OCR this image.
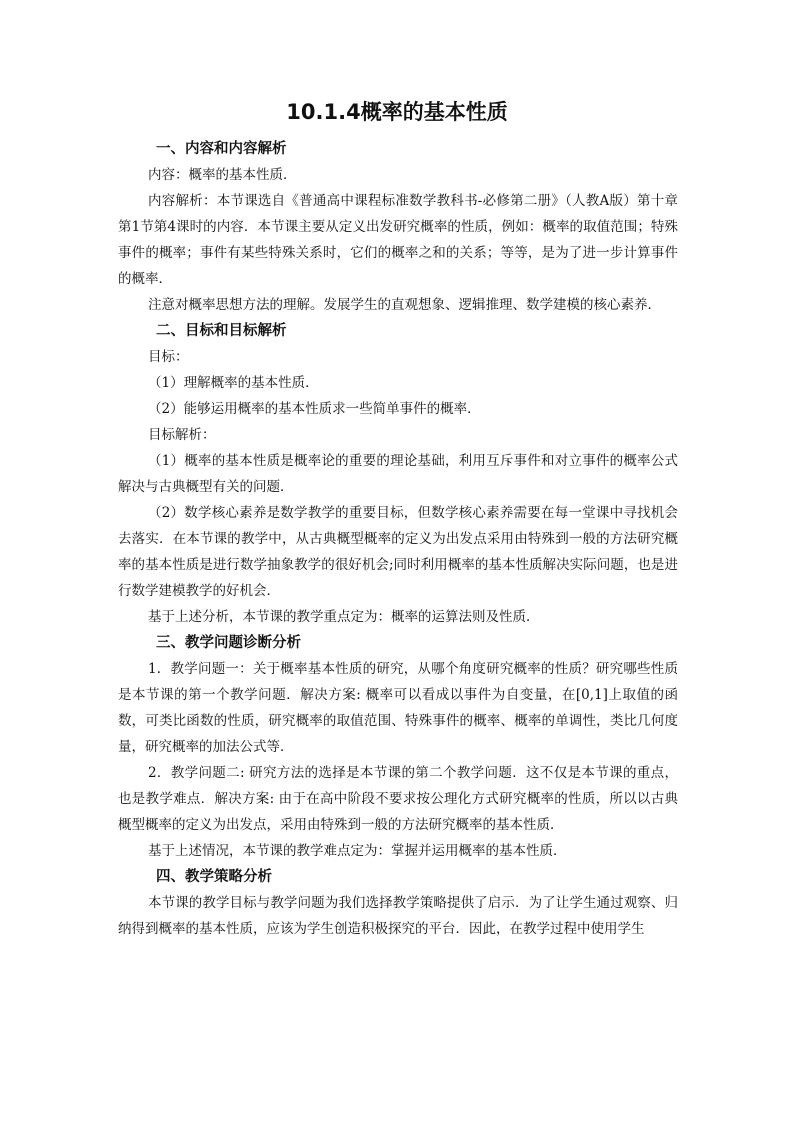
10.1.4概率的基本性质
一、内容和内容解析

内容：概率的基本性质．

内容解析：本节课选自《普通高中课程标准数学教科书-必修第二册》（人教A版）第十章第1节第4课时的内容．本节课主要从定义出发研究概率的性质，例如：概率的取值范围；特殊事件的概率；事件有某些特殊关系时，它们的概率之和的关系；等等，是为了进一步计算事件的概率．

注意对概率思想方法的理解。发展学生的直观想象、逻辑推理、数学建模的核心素养．

二、目标和目标解析

目标：

（1）理解概率的基本性质．

（2）能够运用概率的基本性质求一些简单事件的概率．

目标解析：

（1）概率的基本性质是概率论的重要的理论基础，利用互斥事件和对立事件的概率公式解决与古典概型有关的问题．

（2）数学核心素养是数学教学的重要目标，但数学核心素养需要在每一堂课中寻找机会去落实．在本节课的教学中，从古典概型概率的定义为出发点采用由特殊到一般的方法研究概率的基本性质是进行数学抽象教学的很好机会;同时利用概率的基本性质解决实际问题，也是进行数学建模教学的好机会．

基于上述分析，本节课的教学重点定为：概率的运算法则及性质．

三、教学问题诊断分析

1．教学问题一：关于概率基本性质的研究，从哪个角度研究概率的性质？研究哪些性质是本节课的第一个教学问题．解决方案: 概率可以看成以事件为自变量，在[0,1]上取值的函数，可类比函数的性质，研究概率的取值范围、特殊事件的概率、概率的单调性，类比几何度量，研究概率的加法公式等．

2．教学问题二: 研究方法的选择是本节课的第二个教学问题．这不仅是本节课的重点，也是教学难点．解决方案: 由于在高中阶段不要求按公理化方式研究概率的性质，所以以古典概型概率的定义为出发点，采用由特殊到一般的方法研究概率的基本性质．

基于上述情况，本节课的教学难点定为：掌握并运用概率的基本性质．

四、教学策略分析

本节课的教学目标与教学问题为我们选择教学策略提供了启示．为了让学生通过观察、归纳得到概率的基本性质，应该为学生创造积极探究的平台．因此，在教学过程中使用学生
